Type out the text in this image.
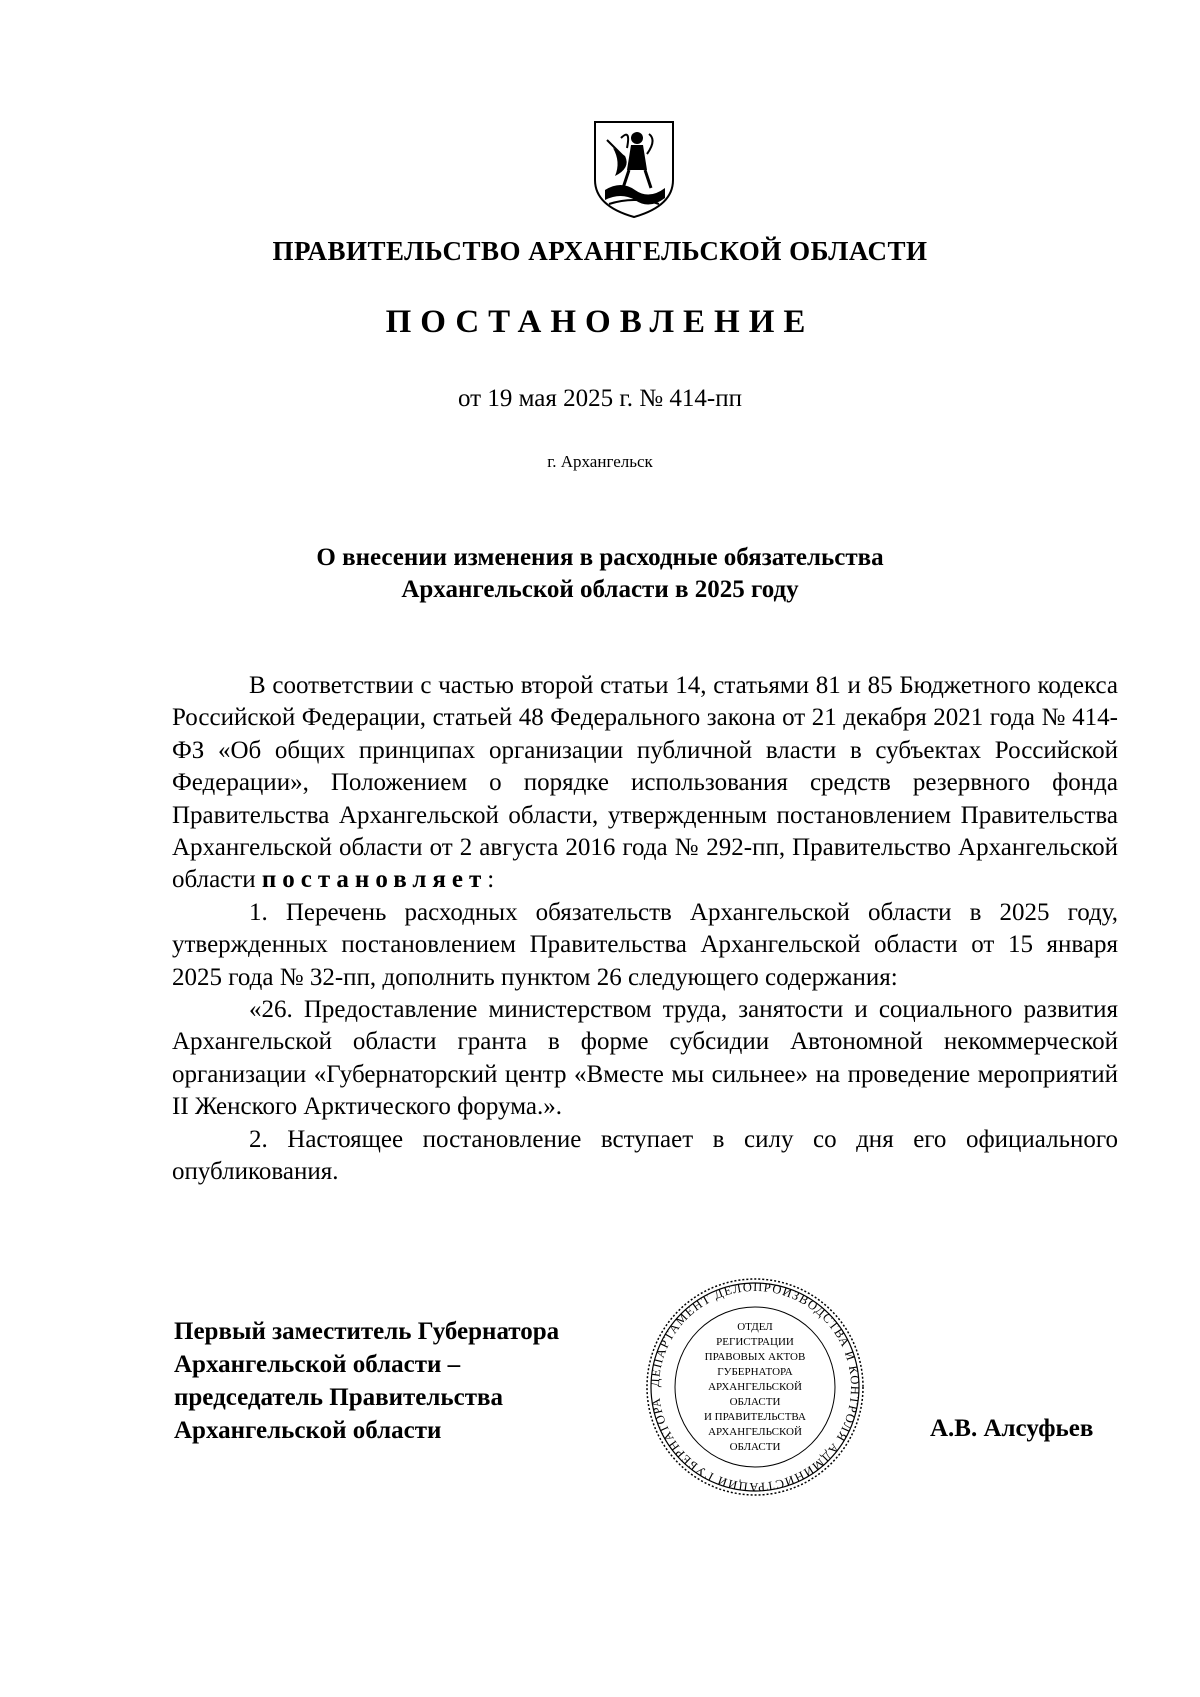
ПРАВИТЕЛЬСТВО АРХАНГЕЛЬСКОЙ ОБЛАСТИ
ПОСТАНОВЛЕНИЕ
от 19 мая 2025 г. № 414-пп
г. Архангельск
О внесении изменения в расходные обязательства
Архангельской области в 2025 году

В соответствии с частью второй статьи 14, статьями 81 и 85 Бюджетного кодекса Российской Федерации, статьей 48 Федерального закона от 21 декабря 2021 года № 414-ФЗ «Об общих принципах организации публичной власти в субъектах Российской Федерации», Положением о порядке использования средств резервного фонда Правительства Архангельской области, утвержденным постановлением Правительства Архангельской области от 2 августа 2016 года № 292-пп, Правительство Архангельской области постановляет:

1. Перечень расходных обязательств Архангельской области в 2025 году, утвержденных постановлением Правительства Архангельской области от 15 января 2025 года № 32-пп, дополнить пунктом 26 следующего содержания:

«26. Предоставление министерством труда, занятости и социального развития Архангельской области гранта в форме субсидии Автономной некоммерческой организации «Губернаторский центр «Вместе мы сильнее» на проведение мероприятий II Женского Арктического форума.».

2. Настоящее постановление вступает в силу со дня его официального опубликования.

Первый заместитель Губернатора
Архангельской области –
председатель Правительства
Архангельской области	А.В. Алсуфьев
ДЕПАРТАМЕНТ ДЕЛОПРОИЗВОДСТВА И КОНТРОЛЯ АДМИНИСТРАЦИИ ГУБЕРНАТОРА
ОТДЕЛ
РЕГИСТРАЦИИ
ПРАВОВЫХ АКТОВ
ГУБЕРНАТОРА
АРХАНГЕЛЬСКОЙ
ОБЛАСТИ
И ПРАВИТЕЛЬСТВА
АРХАНГЕЛЬСКОЙ
ОБЛАСТИ
